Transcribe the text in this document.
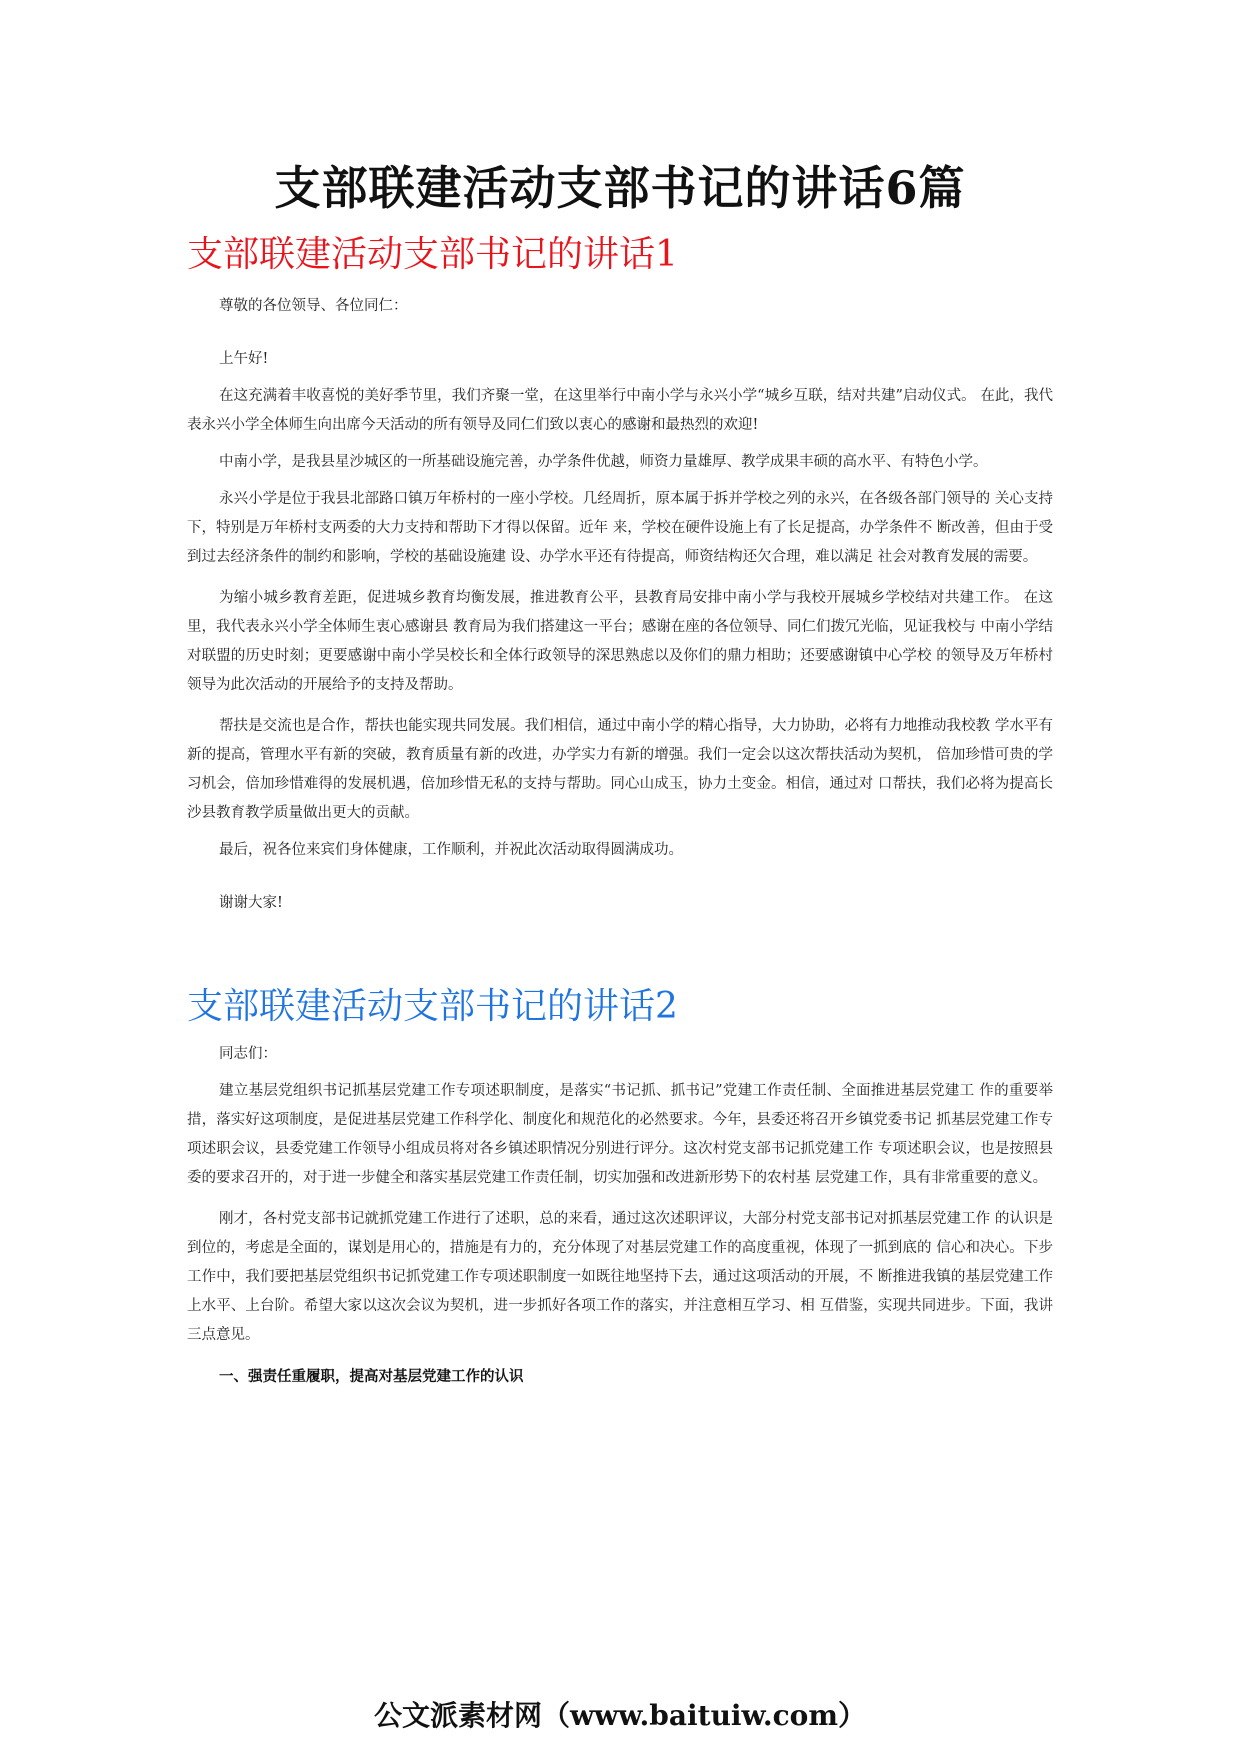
支部联建活动支部书记的讲话6篇
支部联建活动支部书记的讲话1

尊敬的各位领导、各位同仁：

上午好!

在这充满着丰收喜悦的美好季节里，我们齐聚一堂，在这里举行中南小学与永兴小学“城乡互联，结对共建”启动仪式。 在此，我代表永兴小学全体师生向出席今天活动的所有领导及同仁们致以衷心的感谢和最热烈的欢迎!

中南小学，是我县星沙城区的一所基础设施完善，办学条件优越，师资力量雄厚、教学成果丰硕的高水平、有特色小学。

永兴小学是位于我县北部路口镇万年桥村的一座小学校。几经周折，原本属于拆并学校之列的永兴，在各级各部门领导的 关心支持下，特别是万年桥村支两委的大力支持和帮助下才得以保留。近年 来，学校在硬件设施上有了长足提高，办学条件不 断改善，但由于受到过去经济条件的制约和影响，学校的基础设施建 设、办学水平还有待提高，师资结构还欠合理，难以满足 社会对教育发展的需要。

为缩小城乡教育差距，促进城乡教育均衡发展，推进教育公平，县教育局安排中南小学与我校开展城乡学校结对共建工作。 在这里，我代表永兴小学全体师生衷心感谢县 教育局为我们搭建这一平台；感谢在座的各位领导、同仁们拨冗光临，见证我校与 中南小学结对联盟的历史时刻；更要感谢中南小学吴校长和全体行政领导的深思熟虑以及你们的鼎力相助；还要感谢镇中心学校 的领导及万年桥村领导为此次活动的开展给予的支持及帮助。

帮扶是交流也是合作，帮扶也能实现共同发展。我们相信，通过中南小学的精心指导，大力协助，必将有力地推动我校教 学水平有新的提高，管理水平有新的突破，教育质量有新的改进，办学实力有新的增强。我们一定会以这次帮扶活动为契机， 倍加珍惜可贵的学习机会，倍加珍惜难得的发展机遇，倍加珍惜无私的支持与帮助。同心山成玉，协力土变金。相信，通过对 口帮扶，我们必将为提高长沙县教育教学质量做出更大的贡献。

最后，祝各位来宾们身体健康，工作顺利，并祝此次活动取得圆满成功。

谢谢大家!

支部联建活动支部书记的讲话2

同志们：

建立基层党组织书记抓基层党建工作专项述职制度，是落实“书记抓、抓书记”党建工作责任制、全面推进基层党建工 作的重要举措，落实好这项制度，是促进基层党建工作科学化、制度化和规范化的必然要求。今年，县委还将召开乡镇党委书记 抓基层党建工作专项述职会议，县委党建工作领导小组成员将对各乡镇述职情况分别进行评分。这次村党支部书记抓党建工作 专项述职会议，也是按照县委的要求召开的，对于进一步健全和落实基层党建工作责任制，切实加强和改进新形势下的农村基 层党建工作，具有非常重要的意义。

刚才，各村党支部书记就抓党建工作进行了述职，总的来看，通过这次述职评议，大部分村党支部书记对抓基层党建工作 的认识是到位的，考虑是全面的，谋划是用心的，措施是有力的，充分体现了对基层党建工作的高度重视，体现了一抓到底的 信心和决心。下步工作中，我们要把基层党组织书记抓党建工作专项述职制度一如既往地坚持下去，通过这项活动的开展，不 断推进我镇的基层党建工作上水平、上台阶。希望大家以这次会议为契机，进一步抓好各项工作的落实，并注意相互学习、相 互借鉴，实现共同进步。下面，我讲三点意见。

一、强责任重履职，提高对基层党建工作的认识

公文派素材网（www.baituiw.com）
